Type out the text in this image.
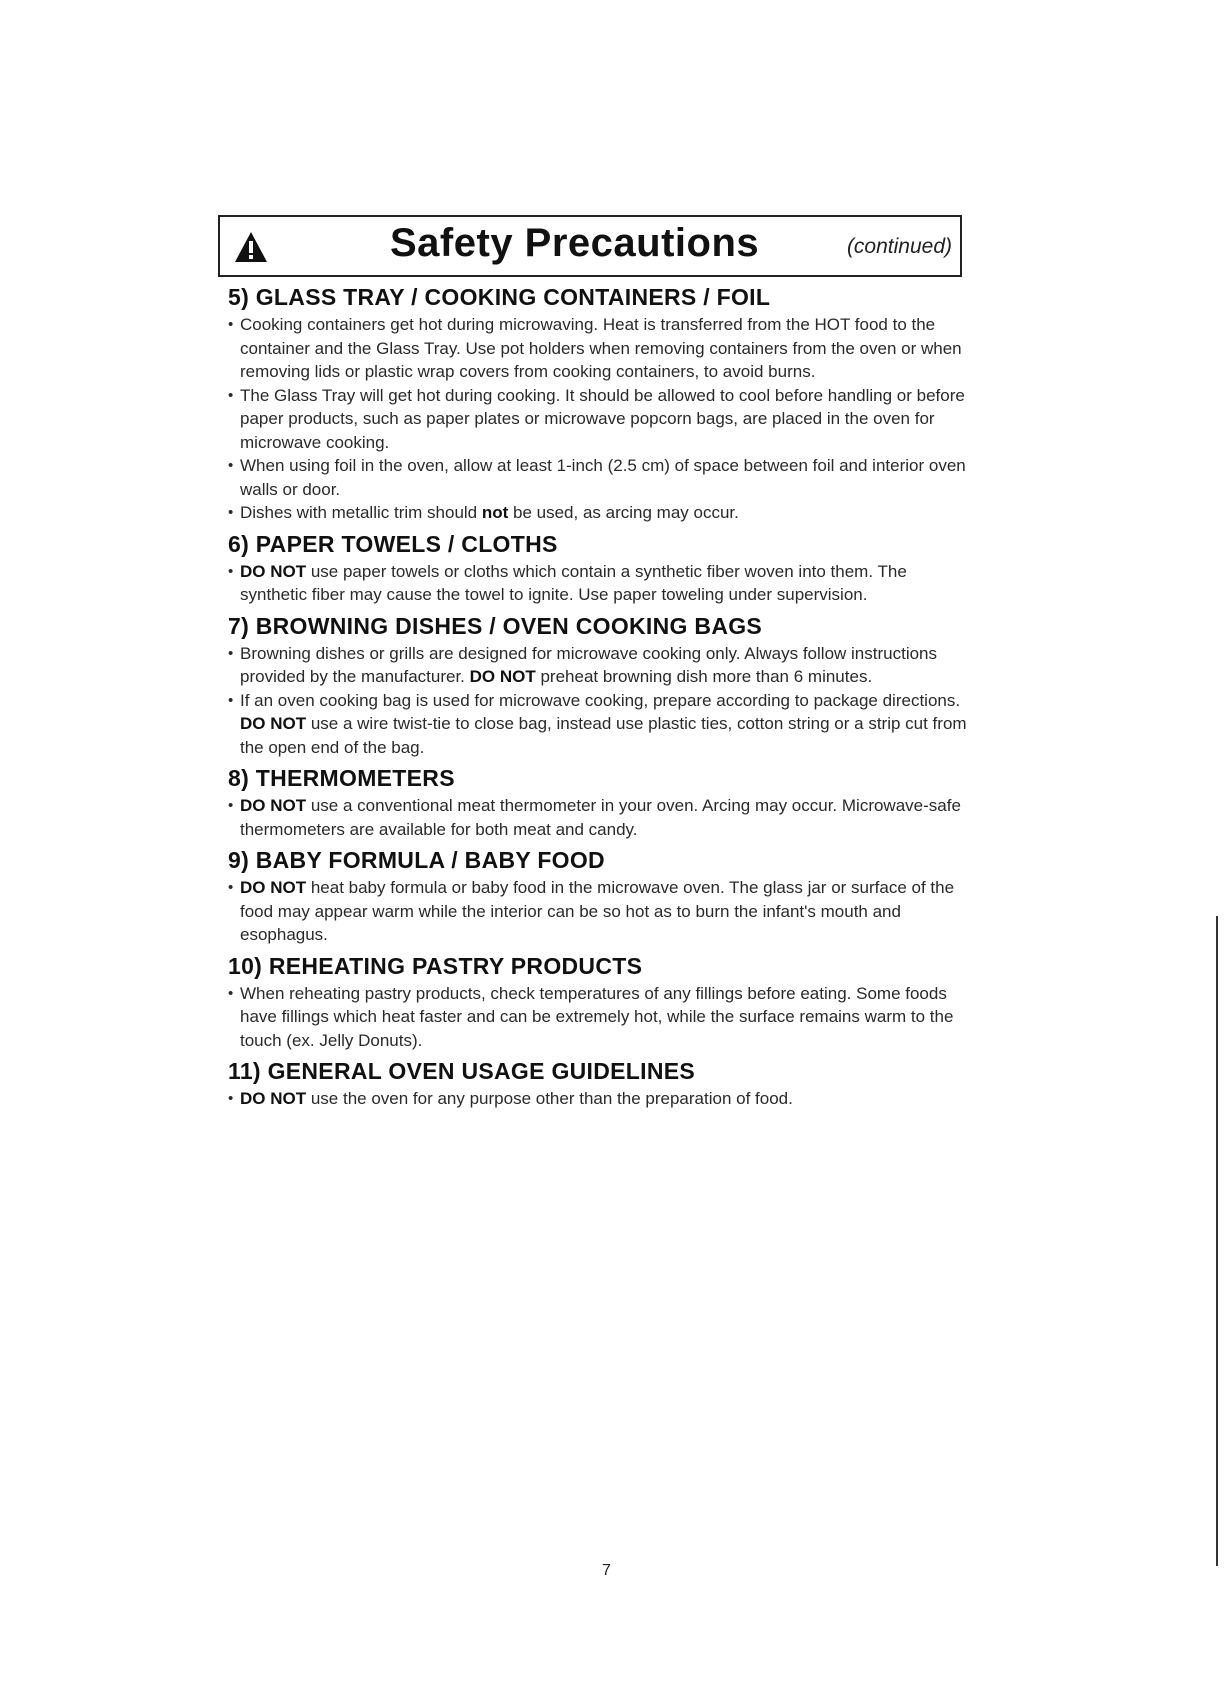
Safety Precautions	(continued)
5) GLASS TRAY / COOKING CONTAINERS / FOIL
• Cooking containers get hot during microwaving. Heat is transferred from the HOT food to the container and the Glass Tray. Use pot holders when removing containers from the oven or when removing lids or plastic wrap covers from cooking containers, to avoid burns.
• The Glass Tray will get hot during cooking. It should be allowed to cool before handling or before paper products, such as paper plates or microwave popcorn bags, are placed in the oven for microwave cooking.
• When using foil in the oven, allow at least 1-inch (2.5 cm) of space between foil and interior oven walls or door.
• Dishes with metallic trim should not be used, as arcing may occur.
6) PAPER TOWELS / CLOTHS
• DO NOT use paper towels or cloths which contain a synthetic fiber woven into them. The synthetic fiber may cause the towel to ignite. Use paper toweling under supervision.
7) BROWNING DISHES / OVEN COOKING BAGS
• Browning dishes or grills are designed for microwave cooking only. Always follow instructions provided by the manufacturer. DO NOT preheat browning dish more than 6 minutes.
• If an oven cooking bag is used for microwave cooking, prepare according to package directions. DO NOT use a wire twist-tie to close bag, instead use plastic ties, cotton string or a strip cut from the open end of the bag.
8) THERMOMETERS
• DO NOT use a conventional meat thermometer in your oven. Arcing may occur. Microwave-safe thermometers are available for both meat and candy.
9) BABY FORMULA / BABY FOOD
• DO NOT heat baby formula or baby food in the microwave oven. The glass jar or surface of the food may appear warm while the interior can be so hot as to burn the infant's mouth and esophagus.
10) REHEATING PASTRY PRODUCTS
• When reheating pastry products, check temperatures of any fillings before eating. Some foods have fillings which heat faster and can be extremely hot, while the surface remains warm to the touch (ex. Jelly Donuts).
11) GENERAL OVEN USAGE GUIDELINES
• DO NOT use the oven for any purpose other than the preparation of food.
7
